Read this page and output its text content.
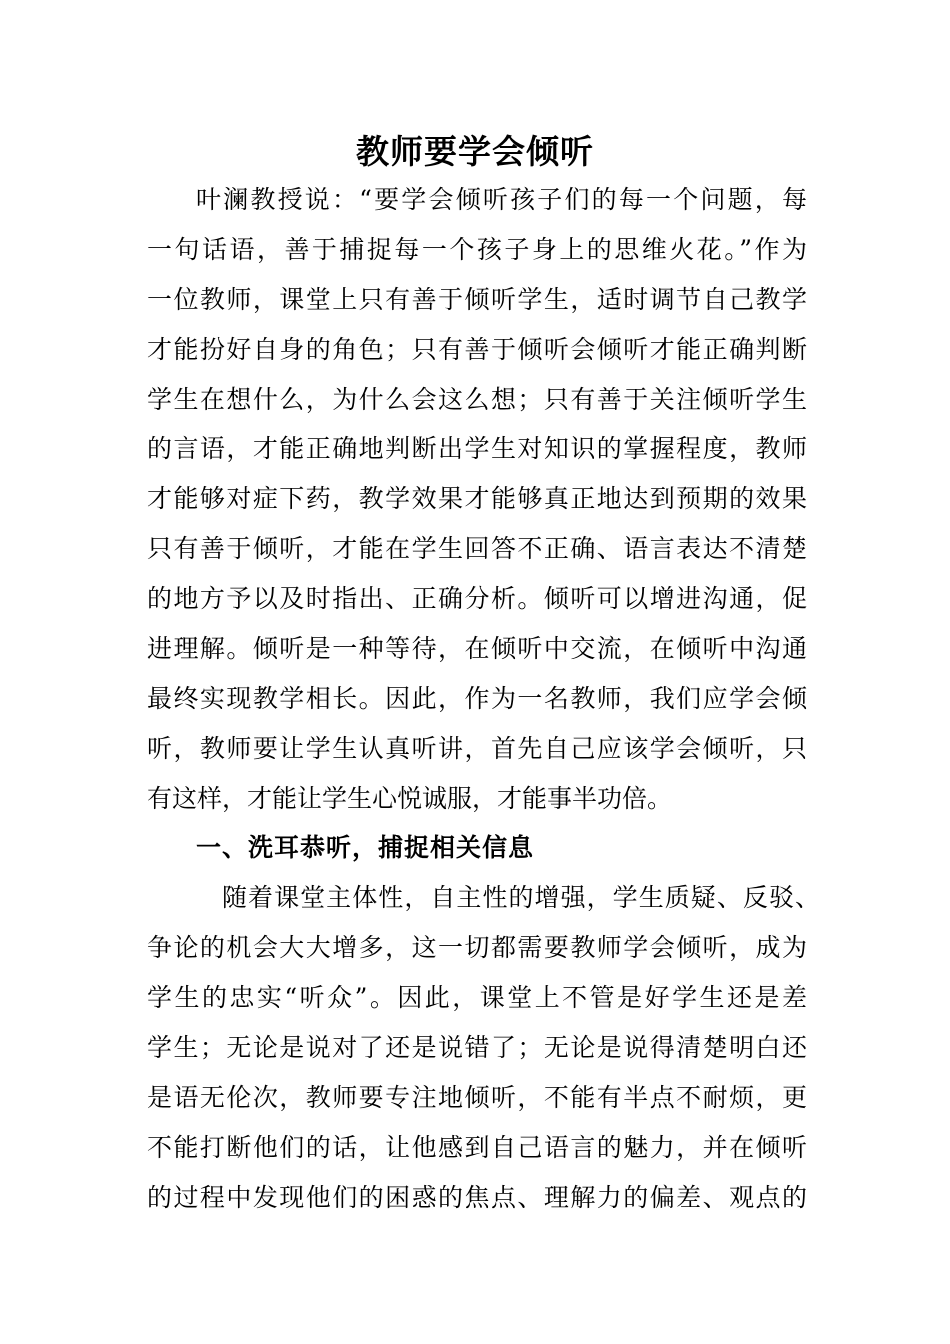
教师要学会倾听
叶澜教授说：“要学会倾听孩子们的每一个问题，每
一句话语，善于捕捉每一个孩子身上的思维火花。”作为
一位教师，课堂上只有善于倾听学生，适时调节自己教学
才能扮好自身的角色；只有善于倾听会倾听才能正确判断
学生在想什么，为什么会这么想；只有善于关注倾听学生
的言语，才能正确地判断出学生对知识的掌握程度，教师
才能够对症下药，教学效果才能够真正地达到预期的效果
只有善于倾听，才能在学生回答不正确、语言表达不清楚
的地方予以及时指出、正确分析。倾听可以增进沟通，促
进理解。倾听是一种等待，在倾听中交流，在倾听中沟通
最终实现教学相长。因此，作为一名教师，我们应学会倾
听，教师要让学生认真听讲，首先自己应该学会倾听，只
有这样，才能让学生心悦诚服，才能事半功倍。
一、洗耳恭听，捕捉相关信息
随着课堂主体性，自主性的增强，学生质疑、反驳、
争论的机会大大增多，这一切都需要教师学会倾听，成为
学生的忠实“听众”。因此，课堂上不管是好学生还是差
学生；无论是说对了还是说错了；无论是说得清楚明白还
是语无伦次，教师要专注地倾听，不能有半点不耐烦，更
不能打断他们的话，让他感到自己语言的魅力，并在倾听
的过程中发现他们的困惑的焦点、理解力的偏差、观点的
